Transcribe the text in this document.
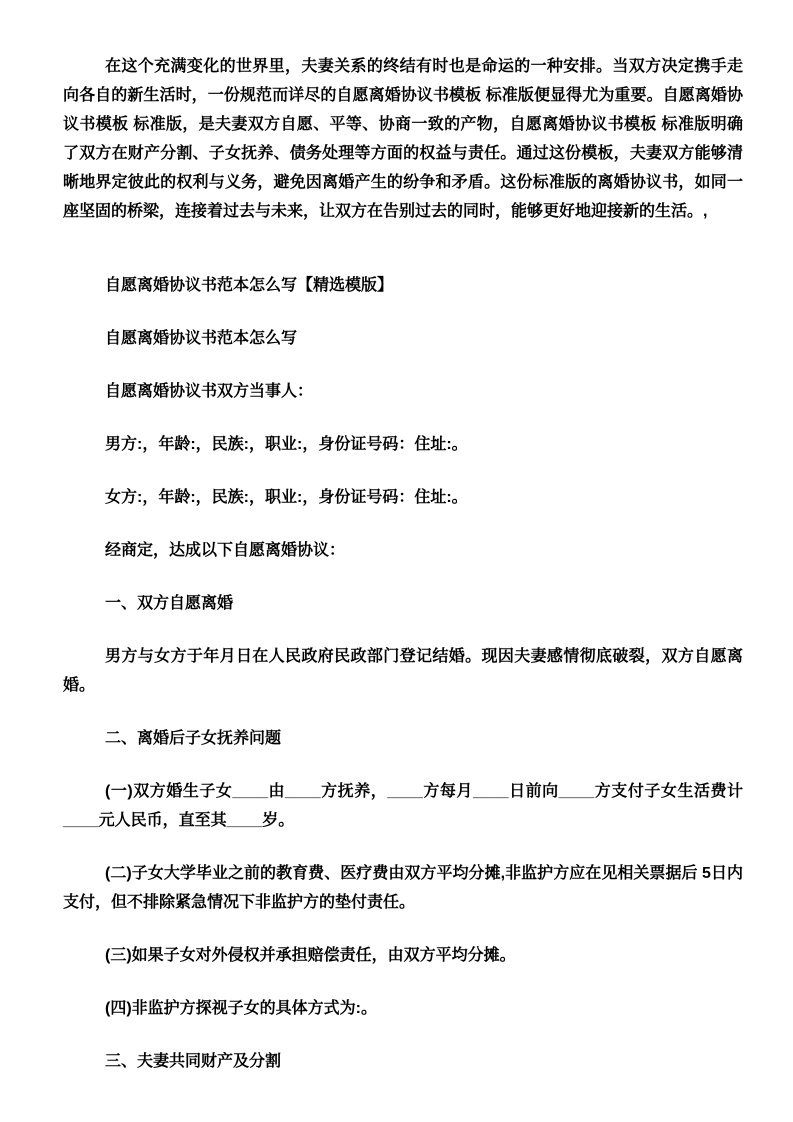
在这个充满变化的世界里，夫妻关系的终结有时也是命运的一种安排。当双方决定携手走向各自的新生活时，一份规范而详尽的自愿离婚协议书模板 标准版便显得尤为重要。自愿离婚协议书模板 标准版，是夫妻双方自愿、平等、协商一致的产物，自愿离婚协议书模板 标准版明确了双方在财产分割、子女抚养、债务处理等方面的权益与责任。通过这份模板，夫妻双方能够清晰地界定彼此的权利与义务，避免因离婚产生的纷争和矛盾。这份标准版的离婚协议书，如同一座坚固的桥梁，连接着过去与未来，让双方在告别过去的同时，能够更好地迎接新的生活。,

自愿离婚协议书范本怎么写【精选模版】

自愿离婚协议书范本怎么写

自愿离婚协议书双方当事人：

男方:，年龄:，民族:，职业:，身份证号码：住址:。

女方:，年龄:，民族:，职业:，身份证号码：住址:。

经商定，达成以下自愿离婚协议：

一、双方自愿离婚

男方与女方于年月日在人民政府民政部门登记结婚。现因夫妻感情彻底破裂，双方自愿离婚。

二、离婚后子女抚养问题

(一)双方婚生子女____由____方抚养，____方每月____日前向____方支付子女生活费计____元人民币，直至其____岁。

(二)子女大学毕业之前的教育费、医疗费由双方平均分摊,非监护方应在见相关票据后 5日内支付，但不排除紧急情况下非监护方的垫付责任。

(三)如果子女对外侵权并承担赔偿责任，由双方平均分摊。

(四)非监护方探视子女的具体方式为:。

三、夫妻共同财产及分割
